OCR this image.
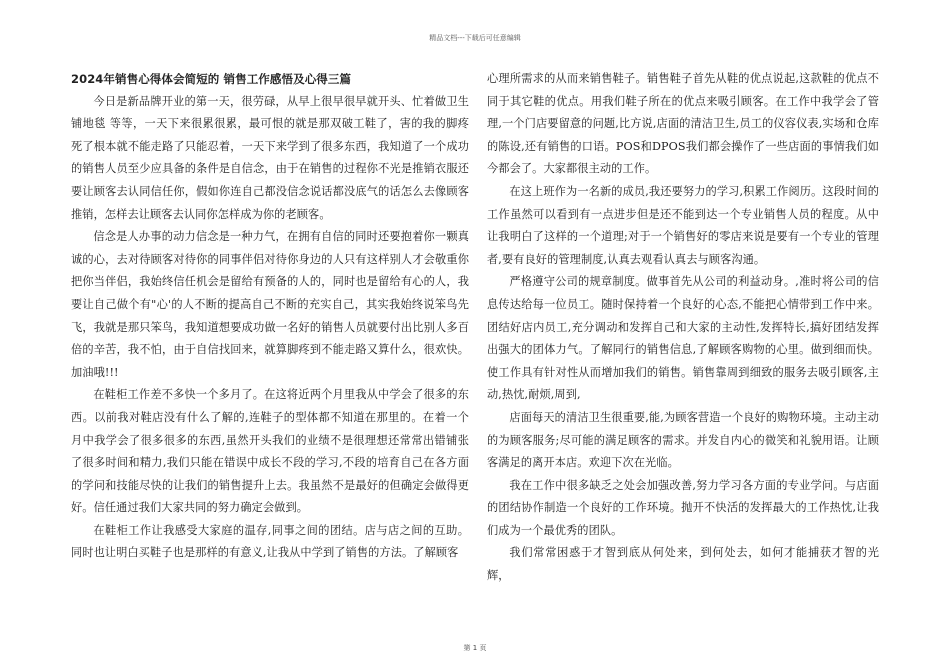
精品文档---下载后可任意编辑

2024年销售心得体会简短的 销售工作感悟及心得三篇

今日是新品牌开业的第一天，很劳碌，从早上很早很早就开头、忙着做卫生铺地毯 等等，一天下来很累很累，最可恨的就是那双破工鞋了，害的我的脚疼死了根本就不能走路了只能忍着，一天下来学到了很多东西，我知道了一个成功的销售人员至少应具备的条件是自信念，由于在销售的过程你不光是推销衣服还要让顾客去认同信任你，假如你连自己都没信念说话都没底气的话怎么去像顾客推销，怎样去让顾客去认同你怎样成为你的老顾客。

信念是人办事的动力信念是一种力气，在拥有自信的同时还要抱着你一颗真诚的心，去对待顾客对待你的同事伴侣对待你身边的人只有这样别人才会敬重你把你当伴侣，我始终信任机会是留给有预备的人的，同时也是留给有心的人，我要让自己做个有"心'的人不断的提高自己不断的充实自己，其实我始终说笨鸟先飞，我就是那只笨鸟，我知道想要成功做一名好的销售人员就要付出比别人多百倍的辛苦，我不怕，由于自信找回来，就算脚疼到不能走路又算什么，很欢快。加油哦!!!

在鞋柜工作差不多快一个多月了。在这将近两个月里我从中学会了很多的东西。以前我对鞋店没有什么了解的,连鞋子的型体都不知道在那里的。在着一个月中我学会了很多很多的东西,虽然开头我们的业绩不是很理想还常常出错铺张了很多时间和精力,我们只能在错误中成长不段的学习,不段的培育自己在各方面的学问和技能尽快的让我们的销售提升上去。我虽然不是最好的但确定会做得更好。信任通过我们大家共同的努力确定会做到。

在鞋柜工作让我感受大家庭的温存,同事之间的团结。店与店之间的互助。同时也让明白买鞋子也是那样的有意义,让我从中学到了销售的方法。了解顾客

心理所需求的从而来销售鞋子。销售鞋子首先从鞋的优点说起,这款鞋的优点不同于其它鞋的优点。用我们鞋子所在的优点来吸引顾客。在工作中我学会了管理,一个门店要留意的问题,比方说,店面的清洁卫生,员工的仪容仪表,实场和仓库的陈设,还有销售的口语。POS和DPOS我们都会操作了一些店面的事情我们如今都会了。大家都很主动的工作。

在这上班作为一名新的成员,我还要努力的学习,积累工作阅历。这段时间的工作虽然可以看到有一点进步但是还不能到达一个专业销售人员的程度。从中让我明白了这样的一个道理;对于一个销售好的零店来说是要有一个专业的管理者,要有良好的管理制度,认真去观看认真去与顾客沟通。

严格遵守公司的规章制度。做事首先从公司的利益动身。,准时将公司的信息传达给每一位员工。随时保持着一个良好的心态,不能把心情带到工作中来。团结好店内员工,充分调动和发挥自己和大家的主动性,发挥特长,搞好团结发挥出强大的团体力气。了解同行的销售信息,了解顾客购物的心里。做到细而快。使工作具有针对性从而增加我们的销售。销售靠周到细致的服务去吸引顾客,主动,热忱,耐烦,周到,

店面每天的清洁卫生很重要,能,为顾客营造一个良好的购物环境。主动主动的为顾客服务;尽可能的满足顾客的需求。并发自内心的微笑和礼貌用语。让顾客满足的离开本店。欢迎下次在光临。

我在工作中很多缺乏之处会加强改善,努力学习各方面的专业学问。与店面的团结协作制造一个良好的工作环境。抛开不快活的发挥最大的工作热忱,让我们成为一个最优秀的团队。

我们常常困惑于才智到底从何处来，到何处去，如何才能捕获才智的光辉，

第 1 页
